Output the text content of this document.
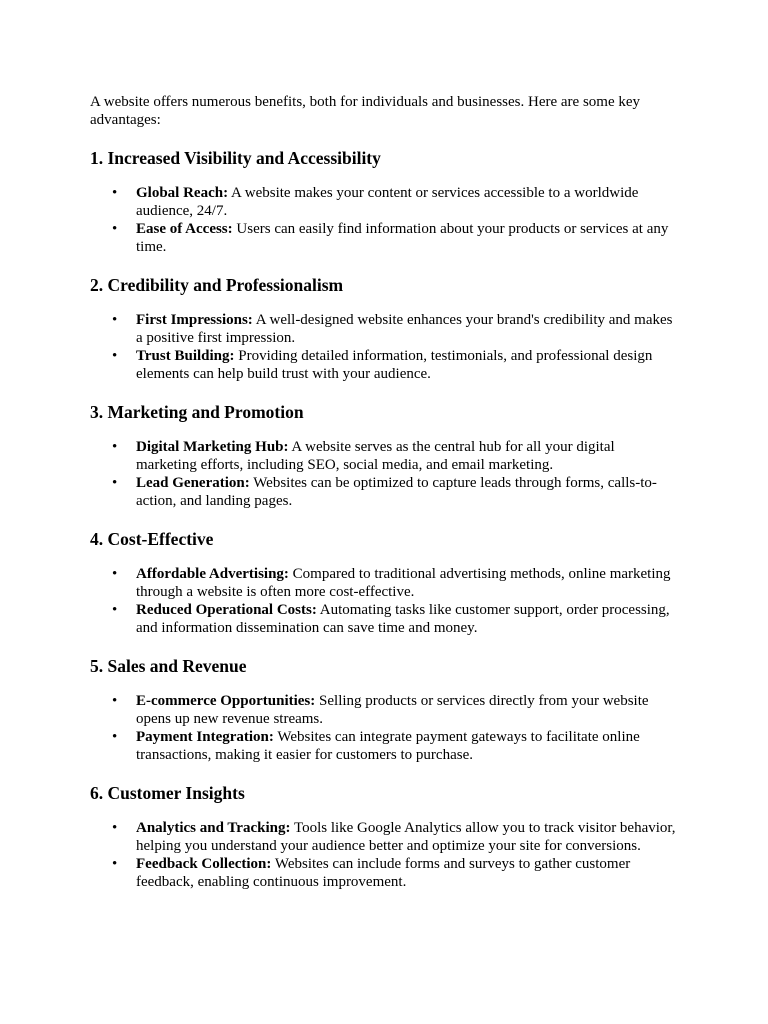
A website offers numerous benefits, both for individuals and businesses. Here are some key advantages:

1. Increased Visibility and Accessibility
• Global Reach: A website makes your content or services accessible to a worldwide audience, 24/7.
• Ease of Access: Users can easily find information about your products or services at any time.
2. Credibility and Professionalism
• First Impressions: A well-designed website enhances your brand's credibility and makes a positive first impression.
• Trust Building: Providing detailed information, testimonials, and professional design elements can help build trust with your audience.
3. Marketing and Promotion
• Digital Marketing Hub: A website serves as the central hub for all your digital marketing efforts, including SEO, social media, and email marketing.
• Lead Generation: Websites can be optimized to capture leads through forms, calls-to-action, and landing pages.
4. Cost-Effective
• Affordable Advertising: Compared to traditional advertising methods, online marketing through a website is often more cost-effective.
• Reduced Operational Costs: Automating tasks like customer support, order processing, and information dissemination can save time and money.
5. Sales and Revenue
• E-commerce Opportunities: Selling products or services directly from your website opens up new revenue streams.
• Payment Integration: Websites can integrate payment gateways to facilitate online transactions, making it easier for customers to purchase.
6. Customer Insights
• Analytics and Tracking: Tools like Google Analytics allow you to track visitor behavior, helping you understand your audience better and optimize your site for conversions.
• Feedback Collection: Websites can include forms and surveys to gather customer feedback, enabling continuous improvement.
